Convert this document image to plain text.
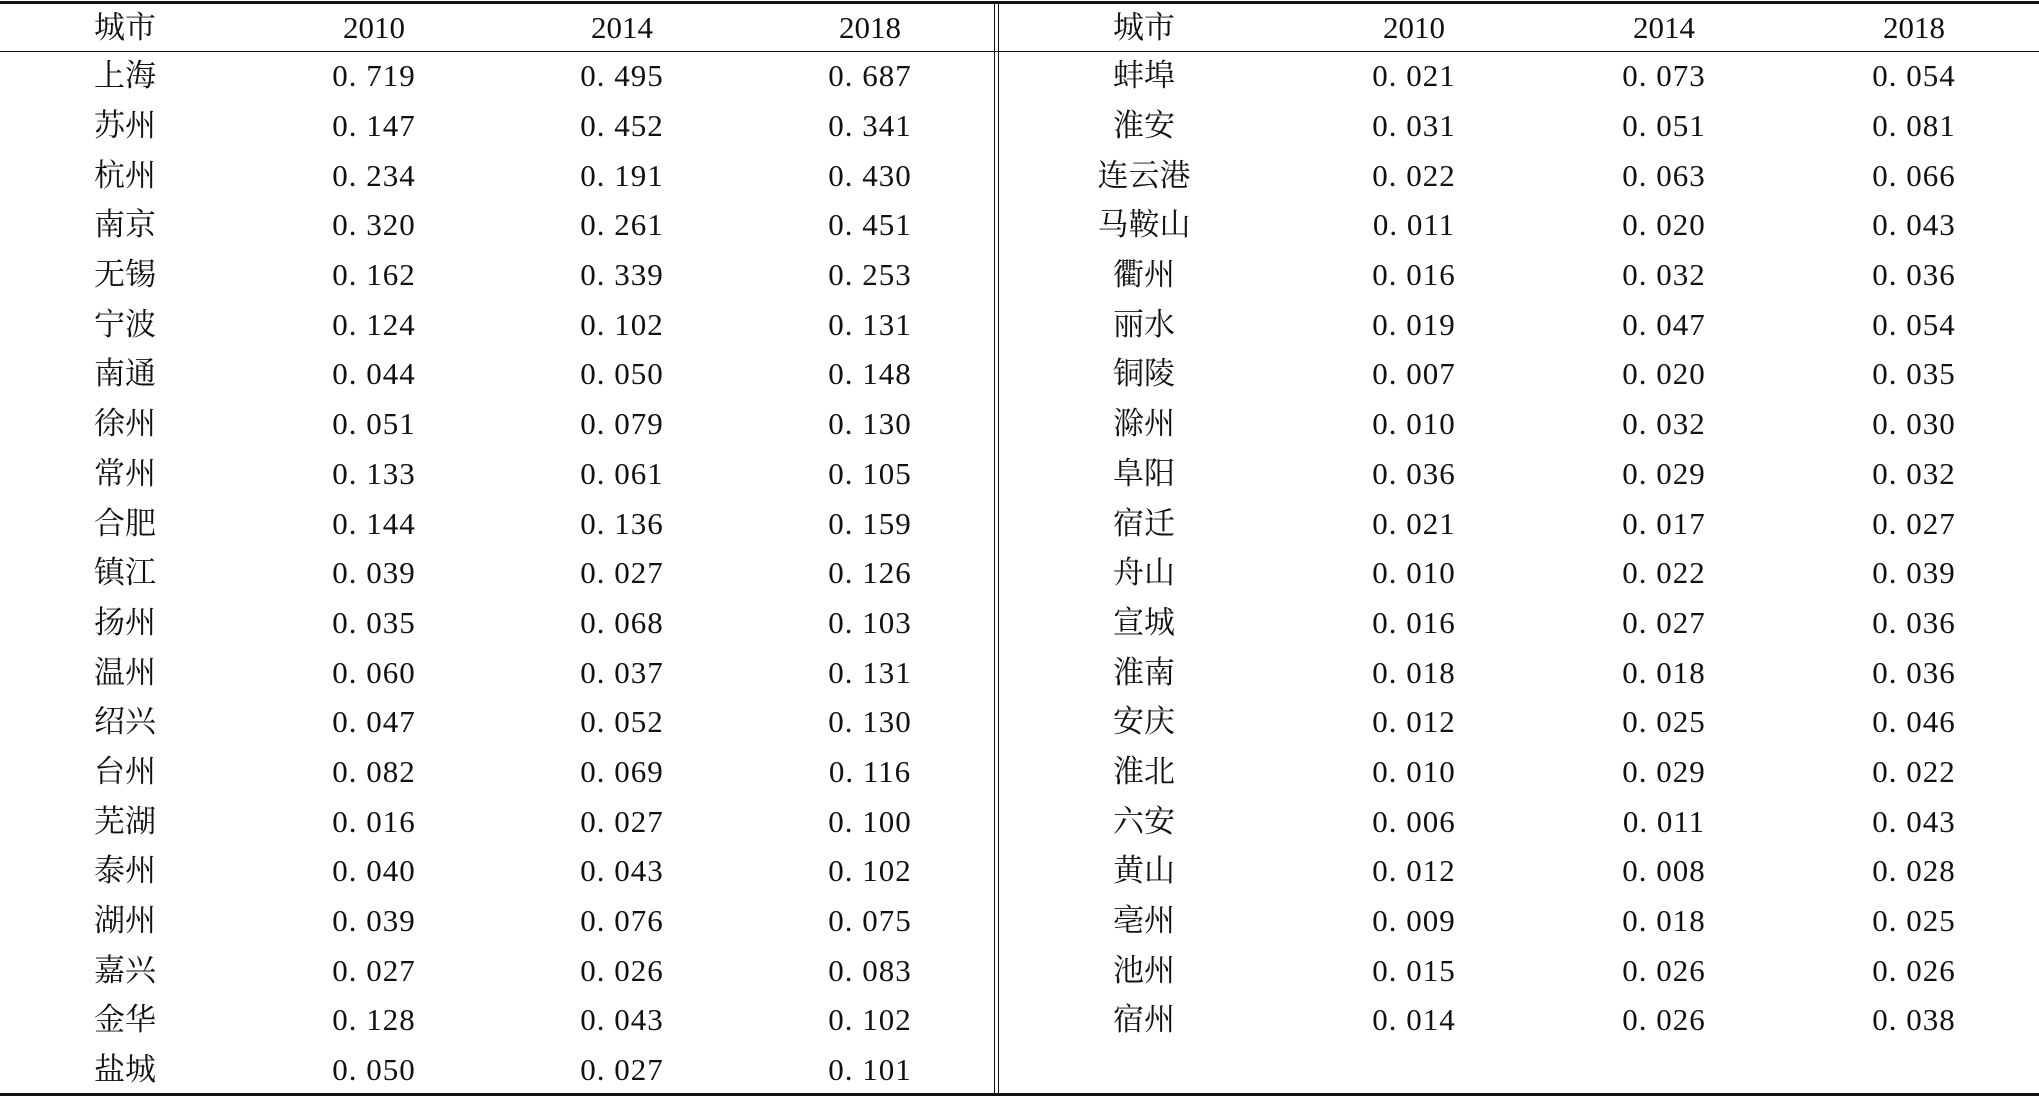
城市	2010	2014	2018
上海	0. 719	0. 495	0. 687
苏州	0. 147	0. 452	0. 341
杭州	0. 234	0. 191	0. 430
南京	0. 320	0. 261	0. 451
无锡	0. 162	0. 339	0. 253
宁波	0. 124	0. 102	0. 131
南通	0. 044	0. 050	0. 148
徐州	0. 051	0. 079	0. 130
常州	0. 133	0. 061	0. 105
合肥	0. 144	0. 136	0. 159
镇江	0. 039	0. 027	0. 126
扬州	0. 035	0. 068	0. 103
温州	0. 060	0. 037	0. 131
绍兴	0. 047	0. 052	0. 130
台州	0. 082	0. 069	0. 116
芜湖	0. 016	0. 027	0. 100
泰州	0. 040	0. 043	0. 102
湖州	0. 039	0. 076	0. 075
嘉兴	0. 027	0. 026	0. 083
金华	0. 128	0. 043	0. 102
盐城	0. 050	0. 027	0. 101
城市	2010	2014	2018
蚌埠	0. 021	0. 073	0. 054
淮安	0. 031	0. 051	0. 081
连云港	0. 022	0. 063	0. 066
马鞍山	0. 011	0. 020	0. 043
衢州	0. 016	0. 032	0. 036
丽水	0. 019	0. 047	0. 054
铜陵	0. 007	0. 020	0. 035
滁州	0. 010	0. 032	0. 030
阜阳	0. 036	0. 029	0. 032
宿迁	0. 021	0. 017	0. 027
舟山	0. 010	0. 022	0. 039
宣城	0. 016	0. 027	0. 036
淮南	0. 018	0. 018	0. 036
安庆	0. 012	0. 025	0. 046
淮北	0. 010	0. 029	0. 022
六安	0. 006	0. 011	0. 043
黄山	0. 012	0. 008	0. 028
亳州	0. 009	0. 018	0. 025
池州	0. 015	0. 026	0. 026
宿州	0. 014	0. 026	0. 038
